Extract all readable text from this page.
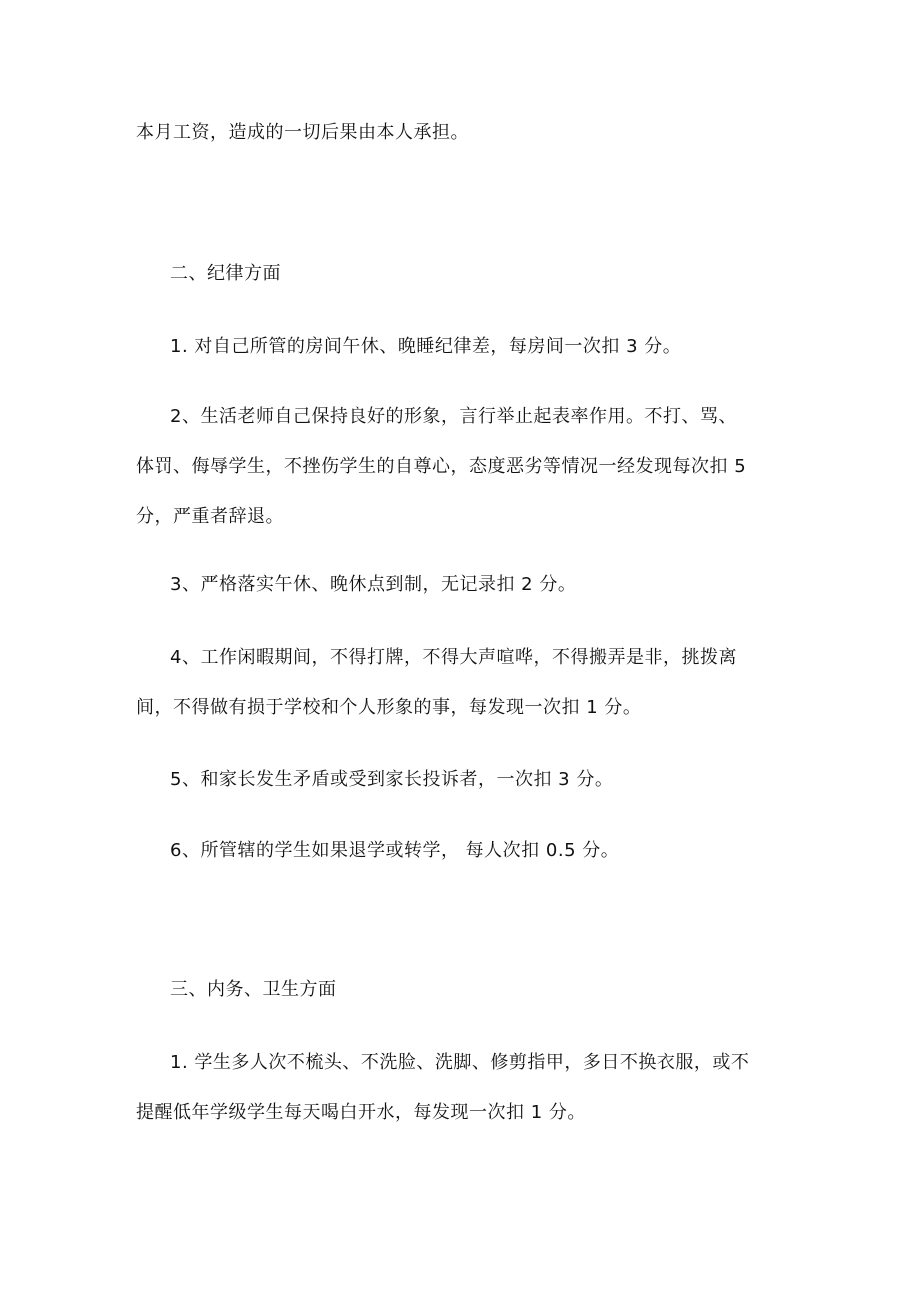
本月工资，造成的一切后果由本人承担。
二、纪律方面
1. 对自己所管的房间午休、晚睡纪律差，每房间一次扣 3 分。
2、生活老师自己保持良好的形象，言行举止起表率作用。不打、骂、
体罚、侮辱学生，不挫伤学生的自尊心，态度恶劣等情况一经发现每次扣 5
分，严重者辞退。
3、严格落实午休、晚休点到制，无记录扣 2 分。
4、工作闲暇期间，不得打牌，不得大声喧哗，不得搬弄是非，挑拨离
间，不得做有损于学校和个人形象的事，每发现一次扣 1 分。
5、和家长发生矛盾或受到家长投诉者，一次扣 3 分。
6、所管辖的学生如果退学或转学， 每人次扣 0.5 分。
三、内务、卫生方面
1. 学生多人次不梳头、不洗脸、洗脚、修剪指甲，多日不换衣服，或不
提醒低年学级学生每天喝白开水，每发现一次扣 1 分。
